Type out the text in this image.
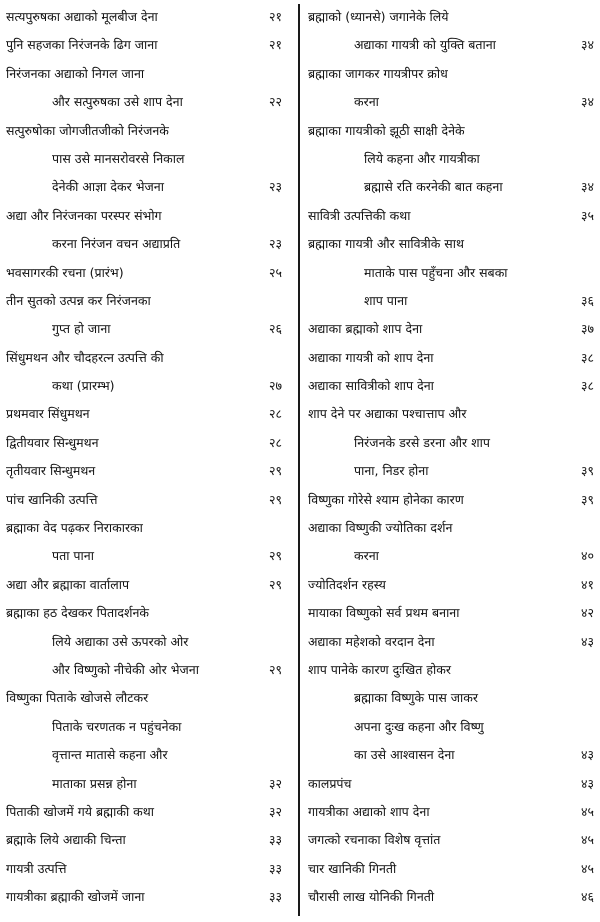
सत्यपुरुषका अद्याको मूलबीज देना	२१
पुनि सहजका निरंजनके ढिग जाना	२१
निरंजनका अद्याको निगल जाना
और सत्पुरुषका उसे शाप देना	२२
सत्पुरुषोका जोगजीतजीको निरंजनके
पास उसे मानसरोवरसे निकाल
देनेकी आज्ञा देकर भेजना	२३
अद्या और निरंजनका परस्पर संभोग
करना निरंजन वचन अद्याप्रति	२३
भवसागरकी रचना (प्रारंभ)	२५
तीन सुतको उत्पन्न कर निरंजनका
गुप्त हो जाना	२६
सिंधुमथन और चौदहरत्न उत्पत्ति की
कथा (प्रारम्भ)	२७
प्रथमवार सिंधुमथन	२८
द्वितीयवार सिन्धुमथन	२८
तृतीयवार सिन्धुमथन	२९
पांच खानिकी उत्पत्ति	२९
ब्रह्माका वेद पढ़कर निराकारका
पता पाना	२९
अद्या और ब्रह्माका वार्तालाप	२९
ब्रह्माका हठ देखकर पितादर्शनके
लिये अद्याका उसे ऊपरको ओर
और विष्णुको नीचेकी ओर भेजना	२९
विष्णुका पिताके खोजसे लौटकर
पिताके चरणतक न पहुंचनेका
वृत्तान्त मातासे कहना और
माताका प्रसन्न होना	३२
पिताकी खोजमें गये ब्रह्माकी कथा	३२
ब्रह्माके लिये अद्याकी चिन्ता	३३
गायत्री उत्पत्ति	३३
गायत्रीका ब्रह्माकी खोजमें जाना	३३
ब्रह्माको (ध्यानसे) जगानेके लिये
अद्याका गायत्री को युक्ति बताना	३४
ब्रह्माका जागकर गायत्रीपर क्रोध
करना	३४
ब्रह्माका गायत्रीको झूठी साक्षी देनेके
लिये कहना और गायत्रीका
ब्रह्मासे रति करनेकी बात कहना	३४
सावित्री उत्पत्तिकी कथा	३५
ब्रह्माका गायत्री और सावित्रीके साथ
माताके पास पहुँचना और सबका
शाप पाना	३६
अद्याका ब्रह्माको शाप देना	३७
अद्याका गायत्री को शाप देना	३८
अद्याका सावित्रीको शाप देना	३८
शाप देने पर अद्याका पश्चात्ताप और
निरंजनके डरसे डरना और शाप
पाना, निडर होना	३९
विष्णुका गोरेसे श्याम होनेका कारण	३९
अद्याका विष्णुकी ज्योतिका दर्शन
करना	४०
ज्योतिदर्शन रहस्य	४१
मायाका विष्णुको सर्व प्रथम बनाना	४२
अद्याका महेशको वरदान देना	४३
शाप पानेके कारण दुःखित होकर
ब्रह्माका विष्णुके पास जाकर
अपना दुःख कहना और विष्णु
का उसे आश्वासन देना	४३
कालप्रपंच	४३
गायत्रीका अद्याको शाप देना	४५
जगत्को रचनाका विशेष वृत्तांत	४५
चार खानिकी गिनती	४५
चौरासी लाख योनिकी गिनती	४६
